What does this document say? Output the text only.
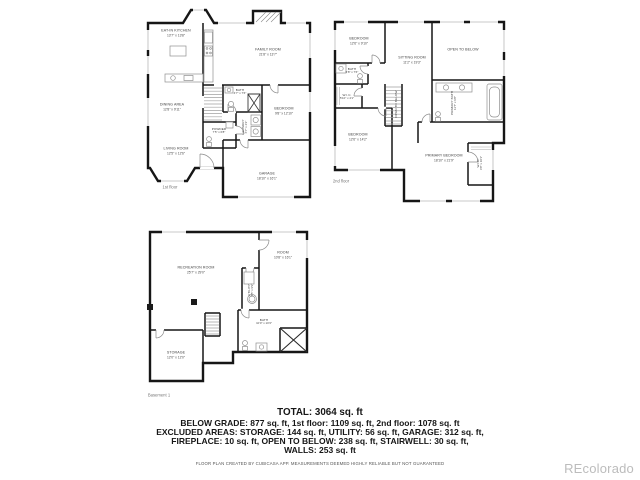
EAT-IN KITCHEN
13'7" x 13'8"
FAMILY ROOM
21'8" x 13'7"
DINING AREA
12'8" x 9'11"
LIVING ROOM
12'5" x 12'6"
POWDER
7'5" x 6'8"
BATH
4'7" x 7'6"
LAUNDRY 6'7" x 4'2"
BEDROOM
9'8" x 12'10"
GARAGE
18'10" x 16'1"
1st floor
BEDROOM
12'6" x 9'10"
SITTING ROOM
11'2" x 19'3"
OPEN TO BELOW
OPEN TO BELOW
BATH
5'8" x 7'6"
W.I.C.
5'10" x 4'1"
BEDROOM
12'6" x 14'2"
PRIMARY BEDROOM
18'10" x 21'9"
PRIMARY BATH 11'7" x 9'8"
W.I.C. 4'8" x 10'1"
2nd floor
RECREATION ROOM
25'7" x 29'0"
ROOM
10'8" x 16'1"
UTILITY 5'5" x 9'9"
BATH
10'0" x 10'3"
STORAGE
12'0" x 12'0"
Basement 1
TOTAL: 3064 sq. ft
BELOW GRADE: 877 sq. ft, 1st floor: 1109 sq. ft, 2nd floor: 1078 sq. ft
EXCLUDED AREAS: STORAGE: 144 sq. ft, UTILITY: 56 sq. ft, GARAGE: 312 sq. ft,
FIREPLACE: 10 sq. ft, OPEN TO BELOW: 238 sq. ft, STAIRWELL: 30 sq. ft,
WALLS: 253 sq. ft
FLOOR PLAN CREATED BY CUBICASA APP. MEASUREMENTS DEEMED HIGHLY RELIABLE BUT NOT GUARANTEED	REcolorado
